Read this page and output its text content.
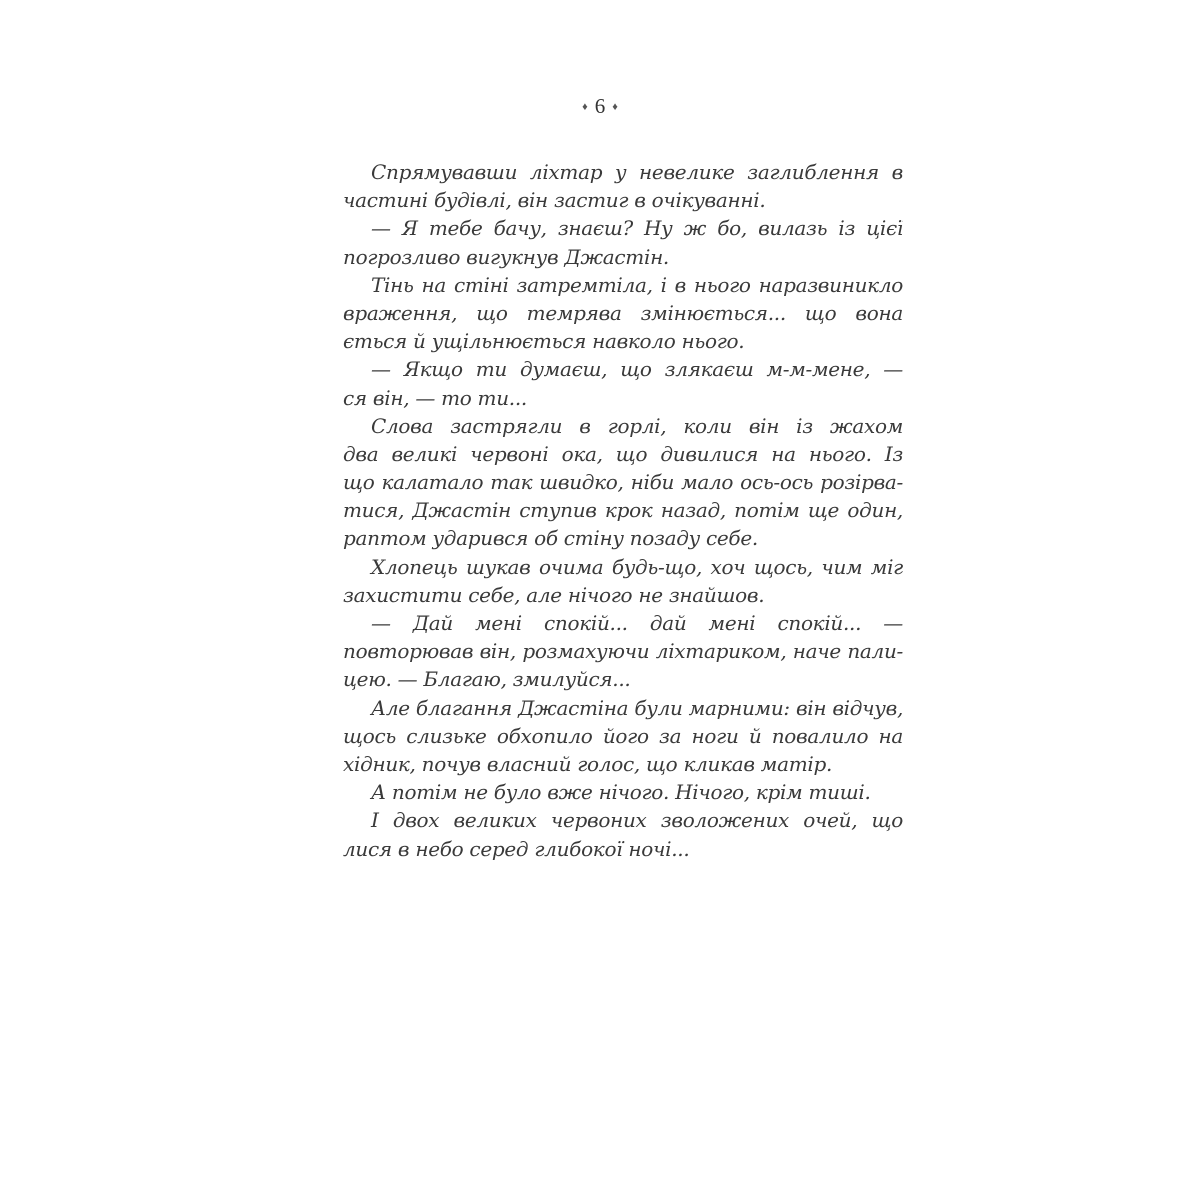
♦ 6 ♦
Спрямувавши ліхтар у невелике заглиблення в
частині будівлі, він застиг в очікуванні.
— Я тебе бачу, знаєш? Ну ж бо, вилазь із цієї
погрозливо вигукнув Джастін.
Тінь на стіні затремтіла, і в нього наразвиникло
враження, що темрява змінюється... що вона
ється й ущільнюється навколо нього.
— Якщо ти думаєш, що злякаєш м-м-мене, —
ся він, — то ти...
Слова застрягли в горлі, коли він із жахом
два великі червоні ока, що дивилися на нього. Із
що калатало так швидко, ніби мало ось-ось розірва-
тися, Джастін ступив крок назад, потім ще один,
раптом ударився об стіну позаду себе.
Хлопець шукав очима будь-що, хоч щось, чим міг
захистити себе, але нічого не знайшов.
— Дай мені спокій... дай мені спокій... —
повторював він, розмахуючи ліхтариком, наче пали-
цею. — Благаю, змилуйся...
Але благання Джастіна були марними: він відчув,
щось слизьке обхопило його за ноги й повалило на
хідник, почув власний голос, що кликав матір.
А потім не було вже нічого. Нічого, крім тиші.
І двох великих червоних зволожених очей, що
лися в небо серед глибокої ночі...
